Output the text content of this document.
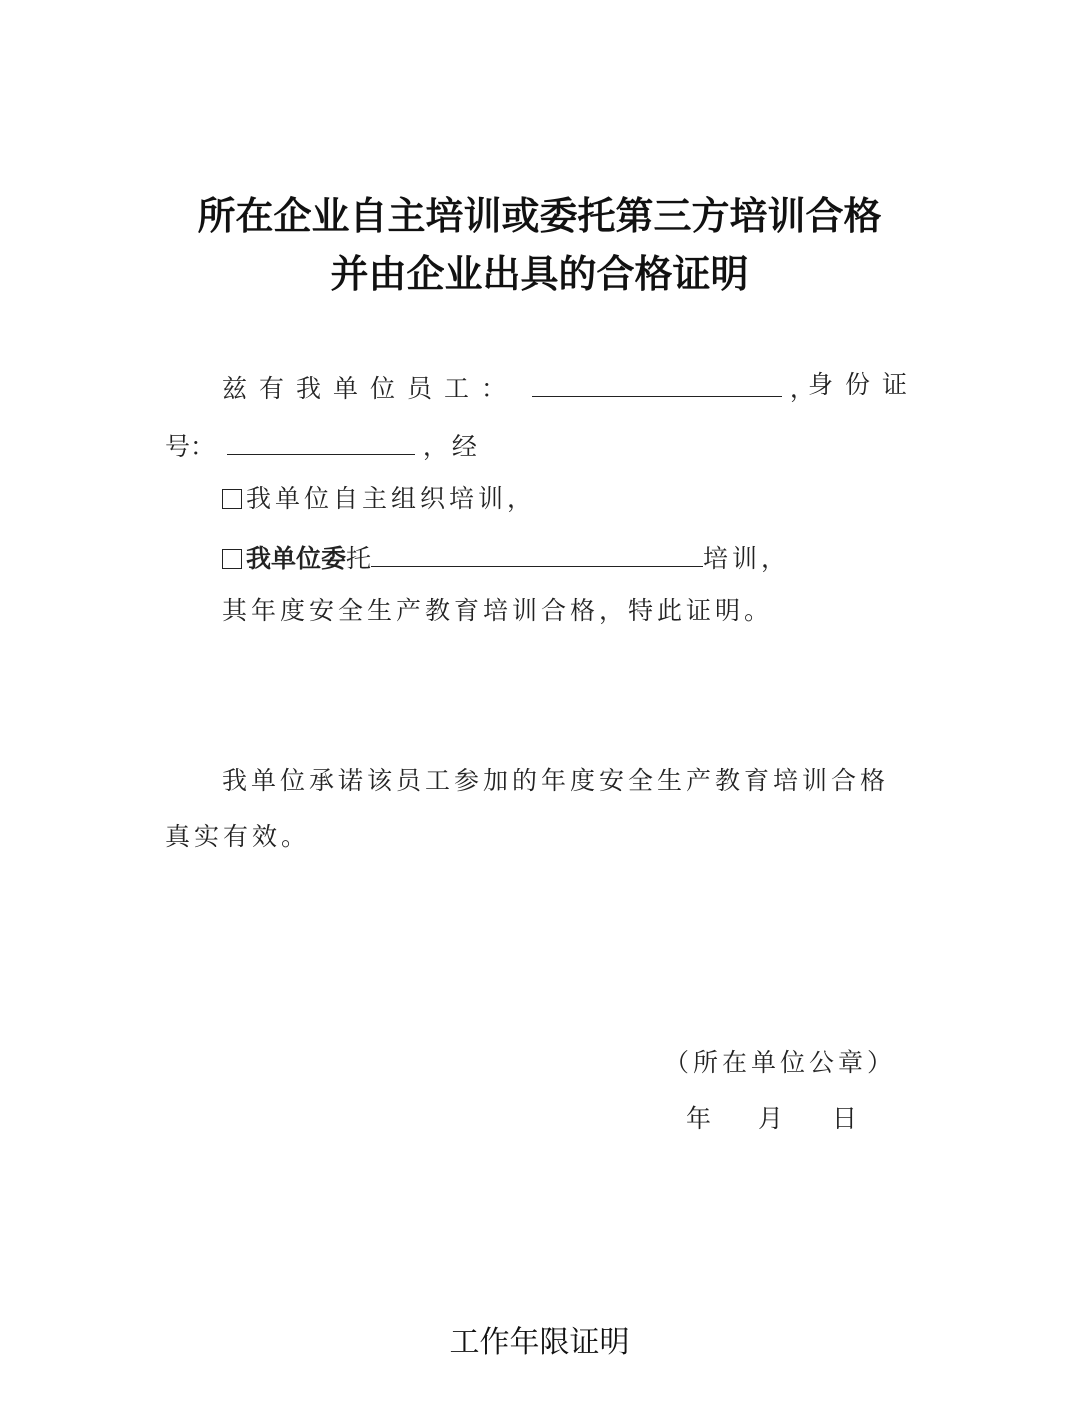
所在企业自主培训或委托第三方培训合格
并由企业出具的合格证明
兹有我单位员工：	，
身份证
号：	，经
我单位自主组织培训，
我单位委托	培训，
其年度安全生产教育培训合格，特此证明。
我单位承诺该员工参加的年度安全生产教育培训合格
真实有效。
（所在单位公章）
年 月 日
工作年限证明
